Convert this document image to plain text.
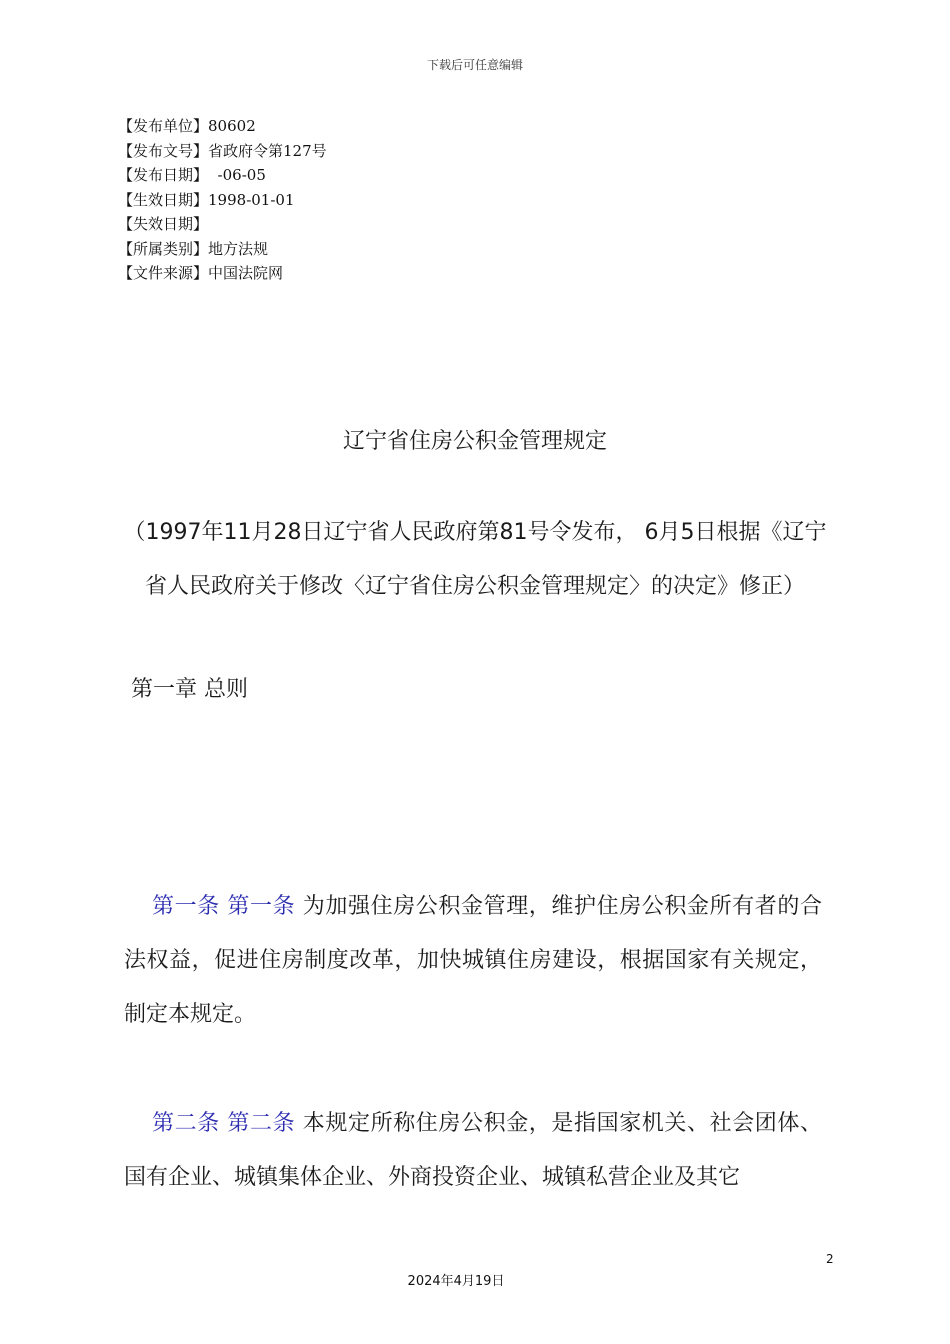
下载后可任意编辑
【发布单位】80602
【发布文号】省政府令第127号
【发布日期】  -06-05
【生效日期】1998-01-01
【失效日期】
【所属类别】地方法规
【文件来源】中国法院网
辽宁省住房公积金管理规定
（1997年11月28日辽宁省人民政府第81号令发布， 6月5日根据《辽宁省人民政府关于修改〈辽宁省住房公积金管理规定〉的决定》修正）
第一章 总则

第一条 第一条 为加强住房公积金管理，维护住房公积金所有者的合法权益，促进住房制度改革，加快城镇住房建设，根据国家有关规定，制定本规定。

第二条 第二条 本规定所称住房公积金，是指国家机关、社会团体、国有企业、城镇集体企业、外商投资企业、城镇私营企业及其它

2
2024年4月19日
